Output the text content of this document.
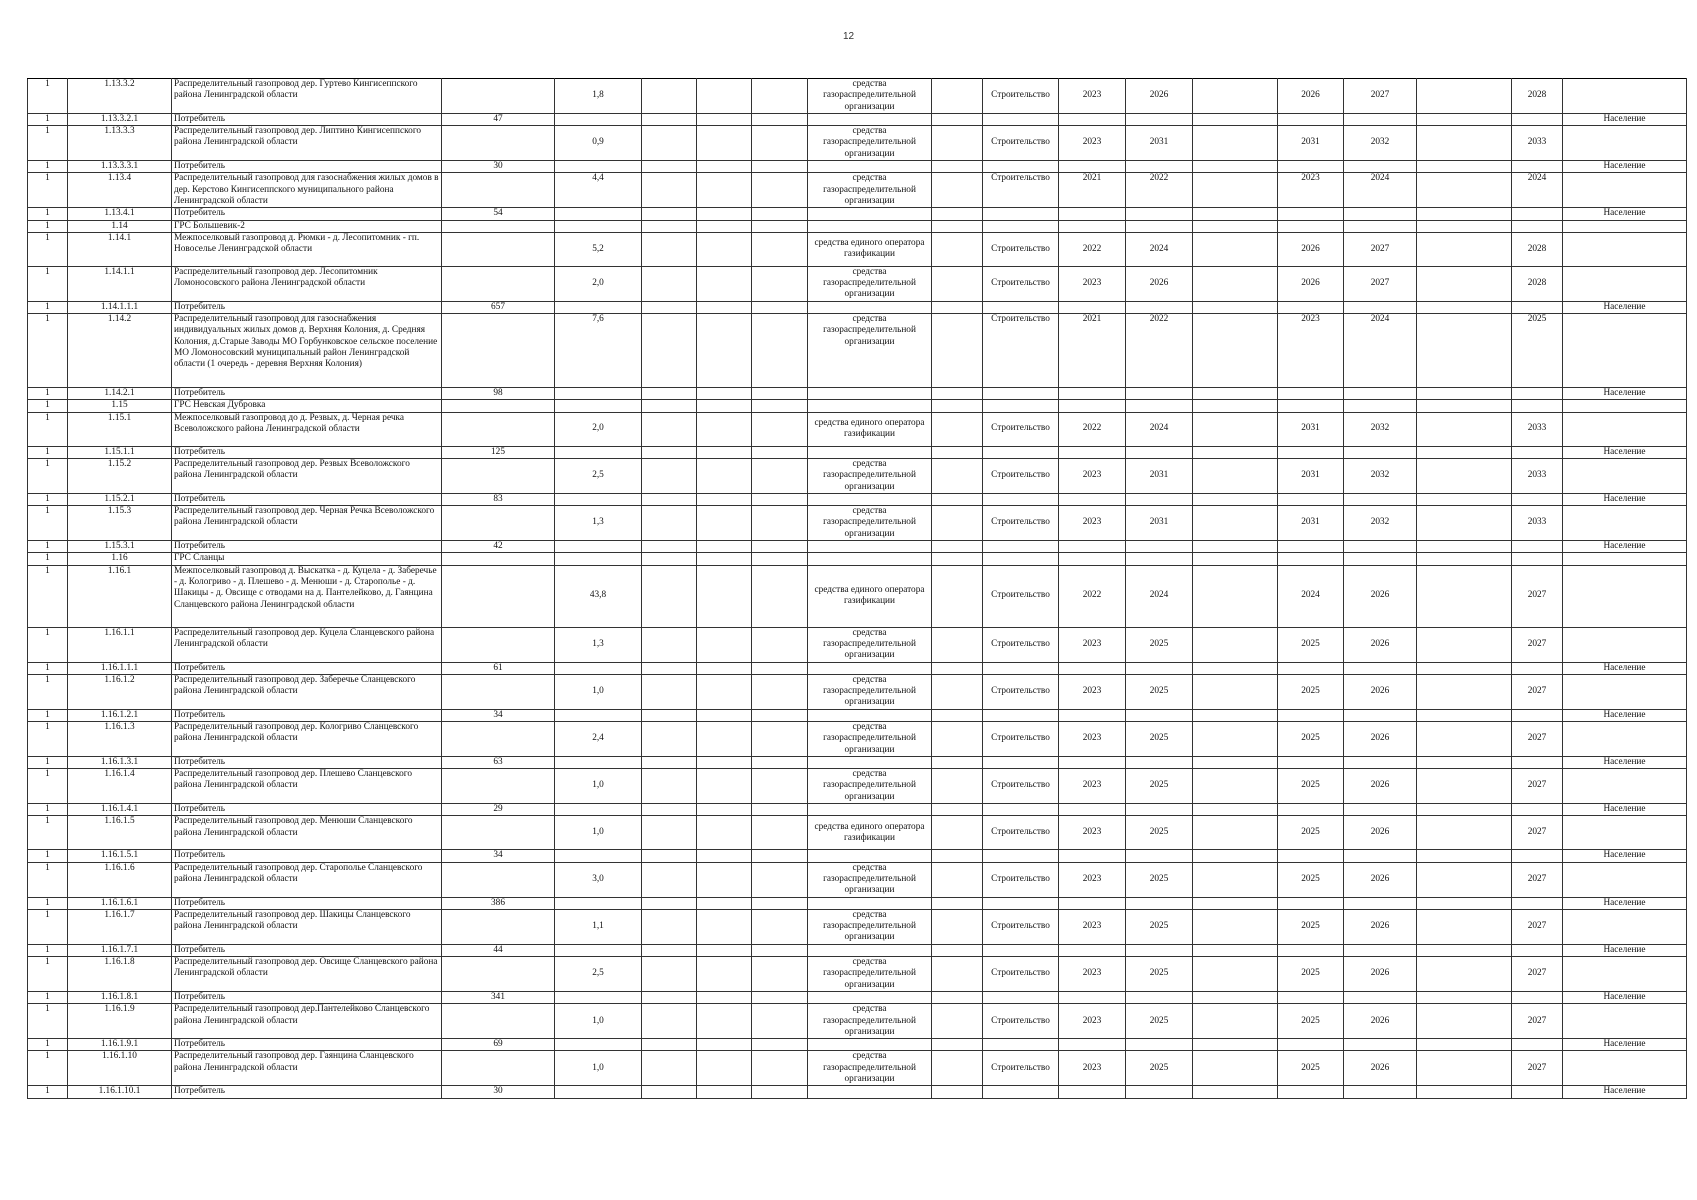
12
1	1.13.3.2	Распределительный газопровод дер. Гуртево Кингисеппского района Ленинградской области		1,8				средства газораспределительной организации		Строительство	2023	2026		2026	2027		2028	
1	1.13.3.2.1	Потребитель	47															Население
1	1.13.3.3	Распределительный газопровод дер. Липтино Кингисеппского района Ленинградской области		0,9				средства газораспределительной организации		Строительство	2023	2031		2031	2032		2033	
1	1.13.3.3.1	Потребитель	30															Население
1	1.13.4	Распределительный газопровод для газоснабжения жилых домов в дер. Керстово Кингисеппского муниципального района Ленинградской области		4,4				средства газораспределительной организации		Строительство	2021	2022		2023	2024		2024	
1	1.13.4.1	Потребитель	54															Население
1	1.14	ГРС Большевик-2																
1	1.14.1	Межпоселковый газопровод д. Рюмки - д. Лесопитомник - гп. Новоселье Ленинградской области		5,2				средства единого оператора газификации		Строительство	2022	2024		2026	2027		2028	
1	1.14.1.1	Распределительный газопровод дер. Лесопитомник Ломоносовского района Ленинградской области		2,0				средства газораспределительной организации		Строительство	2023	2026		2026	2027		2028	
1	1.14.1.1.1	Потребитель	657															Население
1	1.14.2	Распределительный газопровод для газоснабжения индивидуальных жилых домов д. Верхняя Колония, д. Средняя Колония, д.Старые Заводы МО Горбунковское сельское поселение МО Ломоносовский муниципальный район Ленинградской области (1 очередь - деревня Верхняя Колония)		7,6				средства газораспределительной организации		Строительство	2021	2022		2023	2024		2025	
1	1.14.2.1	Потребитель	98															Население
1	1.15	ГРС Невская Дубровка																
1	1.15.1	Межпоселковый газопровод до д. Резвых, д. Черная речка Всеволожского района Ленинградской области		2,0				средства единого оператора газификации		Строительство	2022	2024		2031	2032		2033	
1	1.15.1.1	Потребитель	125															Население
1	1.15.2	Распределительный газопровод дер. Резвых Всеволожского района Ленинградской области		2,5				средства газораспределительной организации		Строительство	2023	2031		2031	2032		2033	
1	1.15.2.1	Потребитель	83															Население
1	1.15.3	Распределительный газопровод дер. Черная Речка Всеволожского района Ленинградской области		1,3				средства газораспределительной организации		Строительство	2023	2031		2031	2032		2033	
1	1.15.3.1	Потребитель	42															Население
1	1.16	ГРС Сланцы																
1	1.16.1	Межпоселковый газопровод д. Выскатка - д. Куцела - д. Заберечье - д. Кологриво - д. Плешево - д. Менюши - д. Старополье - д. Шакицы - д. Овсище с отводами на д. Пантелейково, д. Гаянцина Сланцевского района Ленинградской области		43,8				средства единого оператора газификации		Строительство	2022	2024		2024	2026		2027	
1	1.16.1.1	Распределительный газопровод дер. Куцела Сланцевского района Ленинградской области		1,3				средства газораспределительной организации		Строительство	2023	2025		2025	2026		2027	
1	1.16.1.1.1	Потребитель	61															Население
1	1.16.1.2	Распределительный газопровод дер. Заберечье Сланцевского района Ленинградской области		1,0				средства газораспределительной организации		Строительство	2023	2025		2025	2026		2027	
1	1.16.1.2.1	Потребитель	34															Население
1	1.16.1.3	Распределительный газопровод дер. Кологриво Сланцевского района Ленинградской области		2,4				средства газораспределительной организации		Строительство	2023	2025		2025	2026		2027	
1	1.16.1.3.1	Потребитель	63															Население
1	1.16.1.4	Распределительный газопровод дер. Плешево Сланцевского района Ленинградской области		1,0				средства газораспределительной организации		Строительство	2023	2025		2025	2026		2027	
1	1.16.1.4.1	Потребитель	29															Население
1	1.16.1.5	Распределительный газопровод дер. Менюши Сланцевского района Ленинградской области		1,0				средства единого оператора газификации		Строительство	2023	2025		2025	2026		2027	
1	1.16.1.5.1	Потребитель	34															Население
1	1.16.1.6	Распределительный газопровод дер. Старополье Сланцевского района Ленинградской области		3,0				средства газораспределительной организации		Строительство	2023	2025		2025	2026		2027	
1	1.16.1.6.1	Потребитель	386															Население
1	1.16.1.7	Распределительный газопровод дер. Шакицы Сланцевского района Ленинградской области		1,1				средства газораспределительной организации		Строительство	2023	2025		2025	2026		2027	
1	1.16.1.7.1	Потребитель	44															Население
1	1.16.1.8	Распределительный газопровод дер. Овсище Сланцевского района Ленинградской области		2,5				средства газораспределительной организации		Строительство	2023	2025		2025	2026		2027	
1	1.16.1.8.1	Потребитель	341															Население
1	1.16.1.9	Распределительный газопровод дер.Пантелейково Сланцевского района Ленинградской области		1,0				средства газораспределительной организации		Строительство	2023	2025		2025	2026		2027	
1	1.16.1.9.1	Потребитель	69															Население
1	1.16.1.10	Распределительный газопровод дер. Гаянцина Сланцевского района Ленинградской области		1,0				средства газораспределительной организации		Строительство	2023	2025		2025	2026		2027	
1	1.16.1.10.1	Потребитель	30															Население
